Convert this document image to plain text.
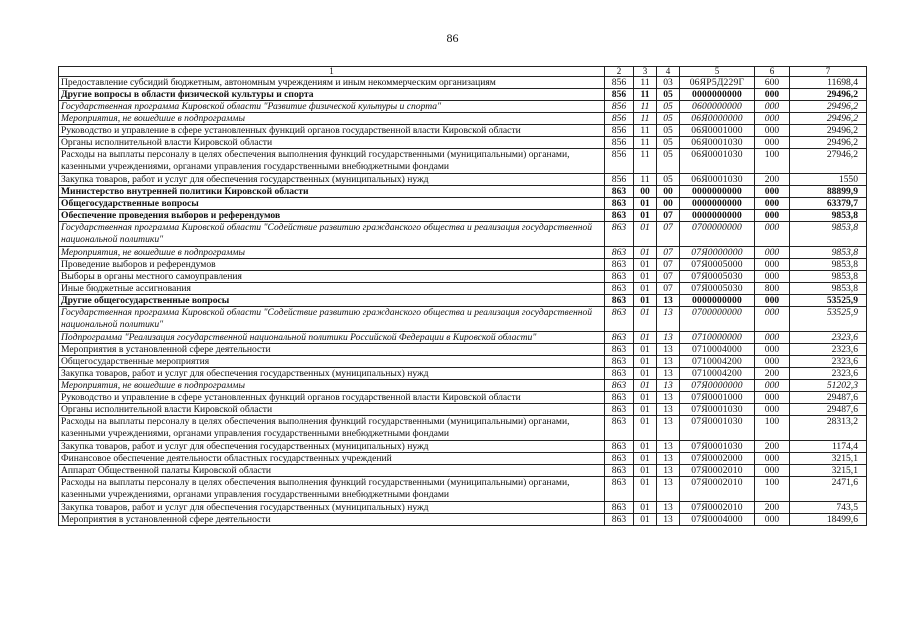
86
1	2	3	4	5	6	7
Предоставление субсидий бюджетным, автономным учреждениям и иным некоммерческим организациям	856	11	03	06ЯР5Д229Г	600	11698,4
Другие вопросы в области физической культуры и спорта	856	11	05	0000000000	000	29496,2
Государственная программа Кировской области "Развитие физической культуры и спорта"	856	11	05	0600000000	000	29496,2
Мероприятия, не вошедшие в подпрограммы	856	11	05	06Я0000000	000	29496,2
Руководство и управление в сфере установленных функций органов государственной власти Кировской области	856	11	05	06Я0001000	000	29496,2
Органы исполнительной власти Кировской области	856	11	05	06Я0001030	000	29496,2
Расходы на выплаты персоналу в целях обеспечения выполнения функций государственными (муниципальными) органами, казенными учреждениями, органами управления государственными внебюджетными фондами	856	11	05	06Я0001030	100	27946,2
Закупка товаров, работ и услуг для обеспечения государственных (муниципальных) нужд	856	11	05	06Я0001030	200	1550
Министерство внутренней политики Кировской области	863	00	00	0000000000	000	88899,9
Общегосударственные вопросы	863	01	00	0000000000	000	63379,7
Обеспечение проведения выборов и референдумов	863	01	07	0000000000	000	9853,8
Государственная программа Кировской области "Содействие развитию гражданского общества и реализация государственной национальной политики"	863	01	07	0700000000	000	9853,8
Мероприятия, не вошедшие в подпрограммы	863	01	07	07Я0000000	000	9853,8
Проведение выборов и референдумов	863	01	07	07Я0005000	000	9853,8
Выборы в органы местного самоуправления	863	01	07	07Я0005030	000	9853,8
Иные бюджетные ассигнования	863	01	07	07Я0005030	800	9853,8
Другие общегосударственные вопросы	863	01	13	0000000000	000	53525,9
Государственная программа Кировской области "Содействие развитию гражданского общества и реализация государственной национальной политики"	863	01	13	0700000000	000	53525,9
Подпрограмма "Реализация государственной национальной политики Российской Федерации в Кировской области"	863	01	13	0710000000	000	2323,6
Мероприятия в установленной сфере деятельности	863	01	13	0710004000	000	2323,6
Общегосударственные мероприятия	863	01	13	0710004200	000	2323,6
Закупка товаров, работ и услуг для обеспечения государственных (муниципальных) нужд	863	01	13	0710004200	200	2323,6
Мероприятия, не вошедшие в подпрограммы	863	01	13	07Я0000000	000	51202,3
Руководство и управление в сфере установленных функций органов государственной власти Кировской области	863	01	13	07Я0001000	000	29487,6
Органы исполнительной власти Кировской области	863	01	13	07Я0001030	000	29487,6
Расходы на выплаты персоналу в целях обеспечения выполнения функций государственными (муниципальными) органами, казенными учреждениями, органами управления государственными внебюджетными фондами	863	01	13	07Я0001030	100	28313,2
Закупка товаров, работ и услуг для обеспечения государственных (муниципальных) нужд	863	01	13	07Я0001030	200	1174,4
Финансовое обеспечение деятельности областных государственных учреждений	863	01	13	07Я0002000	000	3215,1
Аппарат Общественной палаты Кировской области	863	01	13	07Я0002010	000	3215,1
Расходы на выплаты персоналу в целях обеспечения выполнения функций государственными (муниципальными) органами, казенными учреждениями, органами управления государственными внебюджетными фондами	863	01	13	07Я0002010	100	2471,6
Закупка товаров, работ и услуг для обеспечения государственных (муниципальных) нужд	863	01	13	07Я0002010	200	743,5
Мероприятия в установленной сфере деятельности	863	01	13	07Я0004000	000	18499,6
